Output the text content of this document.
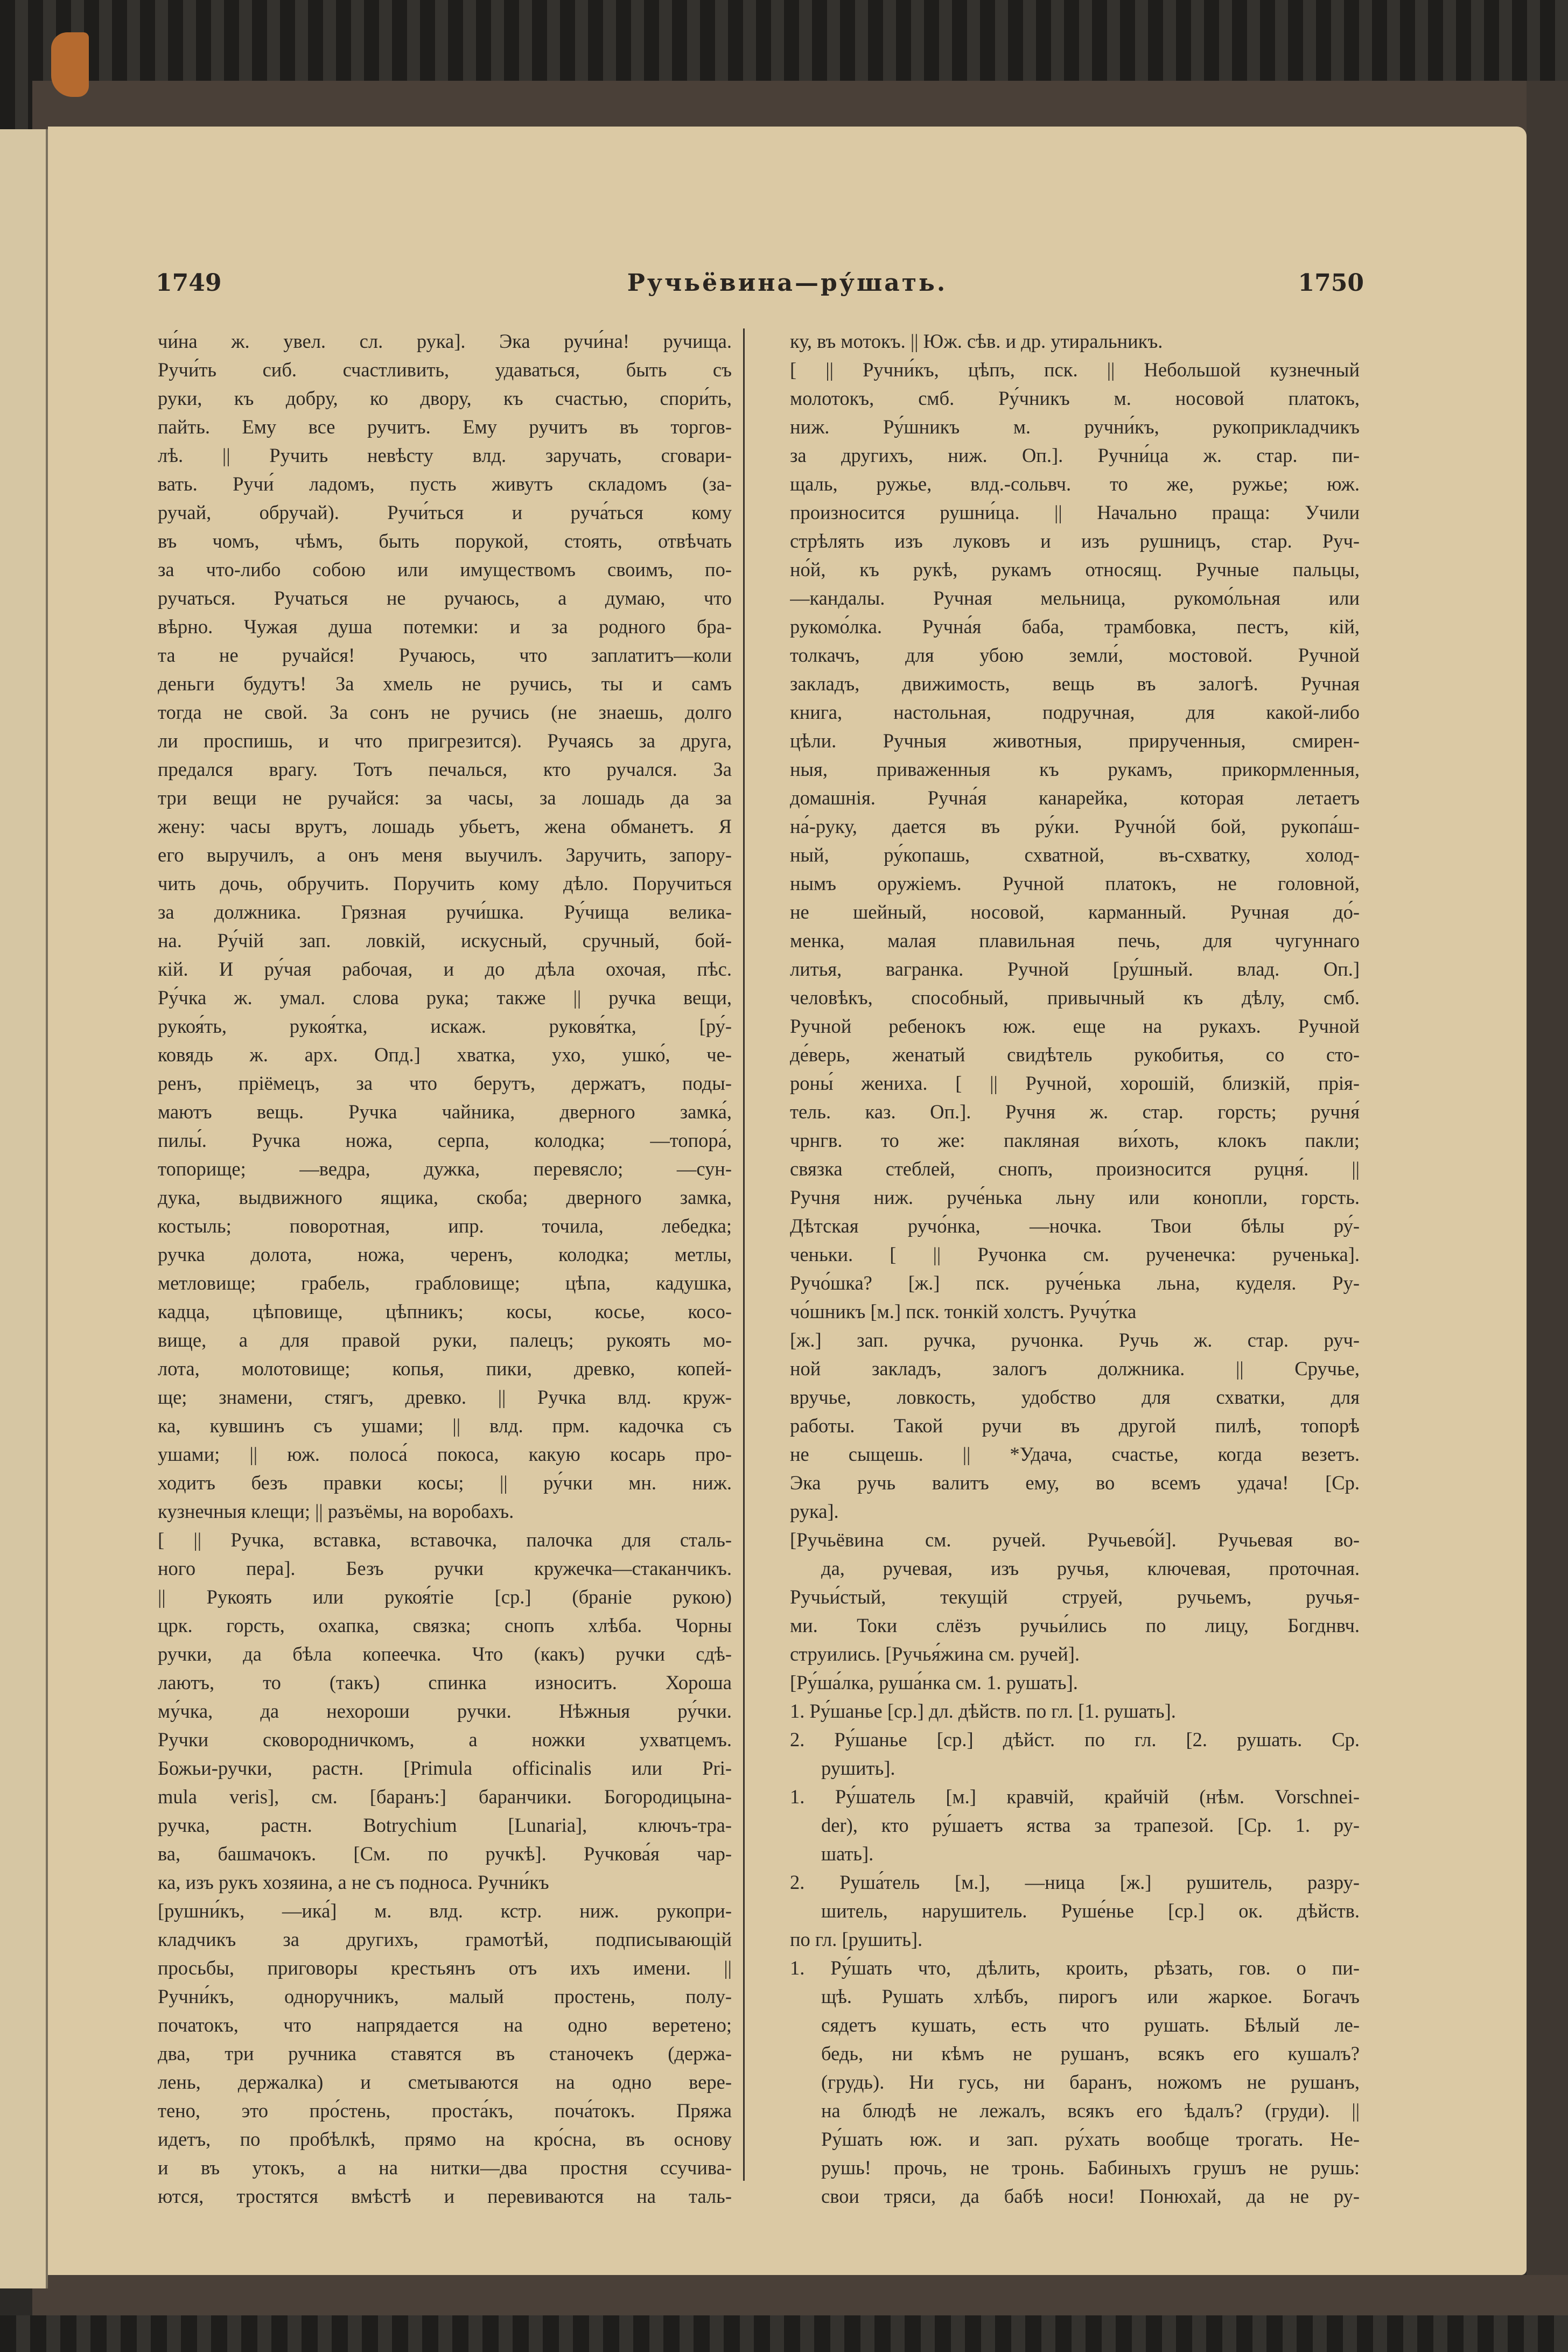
1749	Ручьёвина—ру́шать.	1750
чи́на ж. увел. сл. рука]. Эка ручи́на! ручища.
Ручи́ть сиб. счастливить, удаваться, быть съ
руки, къ добру, ко двору, къ счастью, спори́ть,
пайть. Ему все ручитъ. Ему ручитъ въ торгов-
лѣ. || Ручить невѣсту влд. заручать, сговари-
вать. Ручи́ ладомъ, пусть живутъ складомъ (за-
ручай, обручай). Ручи́ться и руча́ться кому
въ чомъ, чѣмъ, быть порукой, стоять, отвѣчать
за что-либо собою или имуществомъ своимъ, по-
ручаться. Ручаться не ручаюсь, а думаю, что
вѣрно. Чужая душа потемки: и за родного бра-
та не ручайся! Ручаюсь, что заплатитъ—коли
деньги будутъ! За хмель не ручись, ты и самъ
тогда не свой. За сонъ не ручись (не знаешь, долго
ли проспишь, и что пригрезится). Ручаясь за друга,
предался врагу. Тотъ печалься, кто ручался. За
три вещи не ручайся: за часы, за лошадь да за
жену: часы врутъ, лошадь убьетъ, жена обманетъ. Я
его выручилъ, а онъ меня выучилъ. Заручить, запору-
чить дочь, обручить. Поручить кому дѣло. Поручиться
за должника. Грязная ручи́шка. Ру́чища велика-
на. Ру́чій зап. ловкій, искусный, сручный, бой-
кій. И ру́чая рабочая, и до дѣла охочая, пѣс.
Ру́чка ж. умал. слова рука; также || ручка вещи,
рукоя́ть, рукоя́тка, искаж. руковя́тка, [ру́-
ковядь ж. арх. Опд.] хватка, ухо, ушко́, че-
ренъ, пріёмецъ, за что берутъ, держатъ, поды-
маютъ вещь. Ручка чайника, дверного замка́,
пилы́. Ручка ножа, серпа, колодка; —топора́,
топорище; —ведра, дужка, перевясло; —сун-
дука, выдвижного ящика, скоба; дверного замка,
костыль; поворотная, ипр. точила, лебедка;
ручка долота, ножа, черенъ, колодка; метлы,
метловище; грабель, грабловище; цѣпа, кадушка,
кадца, цѣповище, цѣпникъ; косы, косье, косо-
вище, а для правой руки, палецъ; рукоять мо-
лота, молотовище; копья, пики, древко, копей-
ще; знамени, стягъ, древко. || Ручка влд. круж-
ка, кувшинъ съ ушами; || влд. прм. кадочка съ
ушами; || юж. полоса́ покоса, какую косарь про-
ходитъ безъ правки косы; || ру́чки мн. ниж.
кузнечныя клещи; || разъёмы, на воробахъ.
[ || Ручка, вставка, вставочка, палочка для сталь-
ного пера]. Безъ ручки кружечка—стаканчикъ.
|| Рукоять или рукоя́тіе [ср.] (браніе рукою)
црк. горсть, охапка, связка; снопъ хлѣба. Чорны
ручки, да бѣла копеечка. Что (какъ) ручки сдѣ-
лаютъ, то (такъ) спинка износитъ. Хороша
му́чка, да нехороши ручки. Нѣжныя ру́чки.
Ручки сковородничкомъ, а ножки ухватцемъ.
Божьи-ручки, растн. [Primula officinalis или Pri-
mula veris], см. [баранъ:] баранчики. Богородицына-
ручка, растн. Botrychium [Lunaria], ключъ-тра-
ва, башмачокъ. [См. по ручкѣ]. Ручкова́я чар-
ка, изъ рукъ хозяина, а не съ подноса. Ручни́къ
[рушни́къ, —ика́] м. влд. кстр. ниж. рукопри-
кладчикъ за другихъ, грамотѣй, подписывающій
просьбы, приговоры крестьянъ отъ ихъ имени. ||
Ручни́къ, одноручникъ, малый простень, полу-
початокъ, что напрядается на одно веретено;
два, три ручника ставятся въ станочекъ (держа-
лень, держалка) и сметываются на одно вере-
тено, это про́стень, проста́къ, поча́токъ. Пряжа
идетъ, по пробѣлкѣ, прямо на кро́сна, въ основу
и въ утокъ, а на нитки—два простня ссучива-
ются, тростятся вмѣстѣ и перевиваются на таль-
ку, въ мотокъ. || Юж. сѣв. и др. утиральникъ.
[ || Ручни́къ, цѣпъ, пск. || Небольшой кузнечный
молотокъ, смб. Ру́чникъ м. носовой платокъ,
ниж. Ру́шникъ м. ручни́къ, рукоприкладчикъ
за другихъ, ниж. Оп.]. Ручни́ца ж. стар. пи-
щаль, ружье, влд.-сольвч. то же, ружье; юж.
произносится рушни́ца. || Начально праща: Учили
стрѣлять изъ луковъ и изъ рушницъ, стар. Руч-
но́й, къ рукѣ, рукамъ относящ. Ручные пальцы,
—кандалы. Ручная мельница, рукомо́льная или
рукомо́лка. Ручна́я баба, трамбовка, пестъ, кій,
толкачъ, для убою земли́, мостовой. Ручной
закладъ, движимость, вещь въ залогѣ. Ручная
книга, настольная, подручная, для какой-либо
цѣли. Ручныя животныя, прирученныя, смирен-
ныя, приваженныя къ рукамъ, прикормленныя,
домашнія. Ручна́я канарейка, которая летаетъ
на́-руку, дается въ ру́ки. Ручно́й бой, рукопа́ш-
ный, ру́копашь, схватной, въ-схватку, холод-
нымъ оружіемъ. Ручной платокъ, не головной,
не шейный, носовой, карманный. Ручная до́-
менка, малая плавильная печь, для чугуннаго
литья, вагранка. Ручной [ру́шный. влад. Оп.]
человѣкъ, способный, привычный къ дѣлу, смб.
Ручной ребенокъ юж. еще на рукахъ. Ручной
де́верь, женатый свидѣтель рукобитья, со сто-
роны́ жениха. [ || Ручной, хорошій, близкій, прія-
тель. каз. Оп.]. Ручня ж. стар. горсть; ручня́
чрнгв. то же: пакляная ви́хоть, клокъ пакли;
связка стеблей, снопъ, произносится руцня́. ||
Ручня ниж. руче́нька льну или конопли, горсть.
Дѣтская ручо́нка, —ночка. Твои бѣлы ру́-
ченьки. [ || Ручонка см. рученечка: рученька].
Ручо́шка? [ж.] пск. руче́нька льна, куделя. Ру-
чо́шникъ [м.] пск. тонкій холстъ. Ручу́тка
[ж.] зап. ручка, ручонка. Ручь ж. стар. руч-
ной закладъ, залогъ должника. || Сручье,
вручье, ловкость, удобство для схватки, для
работы. Такой ручи въ другой пилѣ, топорѣ
не сыщешь. || *Удача, счастье, когда везетъ.
Эка ручь валитъ ему, во всемъ удача! [Ср.
рука].
[Ручьёвина см. ручей. Ручьево́й]. Ручьевая во-
да, ручевая, изъ ручья, ключевая, проточная.
Ручьи́стый, текущій струей, ручьемъ, ручья-
ми. Токи слёзъ ручьи́лись по лицу, Богднвч.
струились. [Ручья́жина см. ручей].
[Ру́ша́лка, руша́нка см. 1. рушать].
1. Ру́шанье [ср.] дл. дѣйств. по гл. [1. рушать].
2. Ру́шанье [ср.] дѣйст. по гл. [2. рушать. Ср.
рушить].
1. Ру́шатель [м.] кравчій, крайчій (нѣм. Vorschnei-
der), кто ру́шаетъ яства за трапезой. [Ср. 1. ру-
шать].
2. Руша́тель [м.], —ница [ж.] рушитель, разру-
шитель, нарушитель. Руше́нье [ср.] ок. дѣйств.
по гл. [рушить].
1. Ру́шать что, дѣлить, кроить, рѣзать, гов. о пи-
щѣ. Рушать хлѣбъ, пирогъ или жаркое. Богачъ
сядетъ кушать, есть что рушать. Бѣлый ле-
бедь, ни кѣмъ не рушанъ, всякъ его кушалъ?
(грудь). Ни гусь, ни баранъ, ножомъ не рушанъ,
на блюдѣ не лежалъ, всякъ его ѣдалъ? (груди). ||
Ру́шать юж. и зап. ру́хать вообще трогать. Не-
рушь! прочь, не тронь. Бабиныхъ грушъ не рушь:
свои тряси, да бабѣ носи! Понюхай, да не ру-
